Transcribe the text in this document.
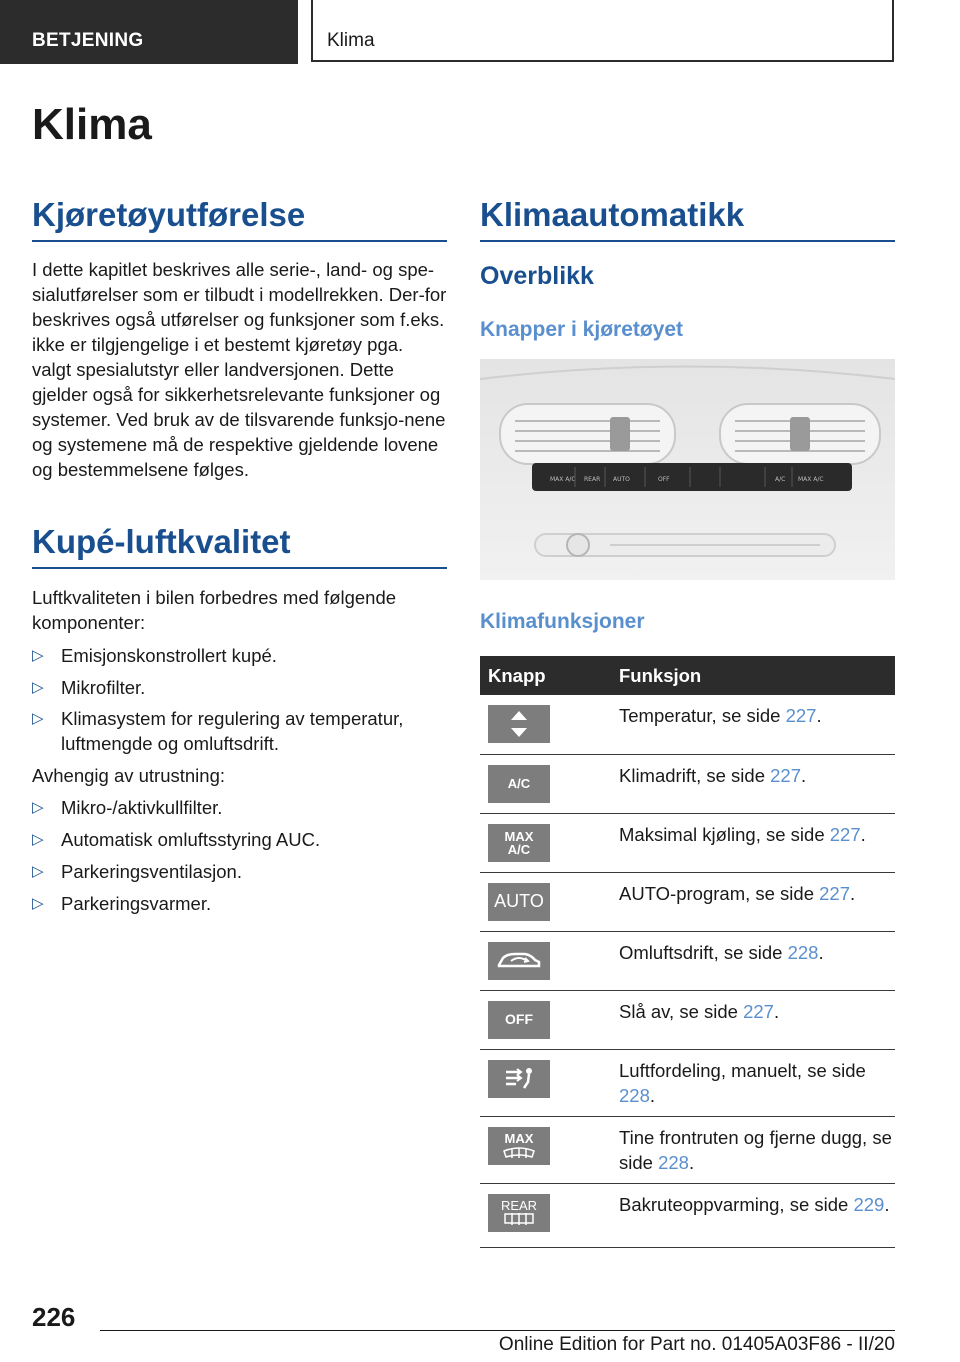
BETJENING	Klima
Klima
Kjøretøyutførelse

I dette kapitlet beskrives alle serie-, land- og spe-sialutførelser som er tilbudt i modellrekken. Der-for beskrives også utførelser og funksjoner som f.eks. ikke er tilgjengelige i et bestemt kjøretøy pga. valgt spesialutstyr eller landversjonen. Dette gjelder også for sikkerhetsrelevante funksjoner og systemer. Ved bruk av de tilsvarende funksjo-nene og systemene må de respektive gjeldende lovene og bestemmelsene følges.

Kupé-luftkvalitet

Luftkvaliteten i bilen forbedres med følgende komponenter:

▷ Emisjonskonstrollert kupé.
▷ Mikrofilter.
▷ Klimasystem for regulering av temperatur, luftmengde og omluftsdrift.

Avhengig av utrustning:

▷ Mikro-/aktivkullfilter.
▷ Automatisk omluftsstyring AUC.
▷ Parkeringsventilasjon.
▷ Parkeringsvarmer.
Klimaautomatikk
Overblikk
Knapper i kjøretøyet
MAX A/C REAR AUTO	OFF	A/C MAX A/C
Klimafunksjoner
Knapp	Funksjon

	Temperatur, se side 227.

A/C	Klimadrift, se side 227.

MAX
A/C	Maksimal kjøling, se side 227.

AUTO	AUTO-program, se side 227.

	Omluftsdrift, se side 228.

OFF	Slå av, se side 227.

	Luftfordeling, manuelt, se side 228.

MAX	Tine frontruten og fjerne dugg, se side 228.

REAR	Bakruteoppvarming, se side 229.
226
Online Edition for Part no. 01405A03F86 - II/20
